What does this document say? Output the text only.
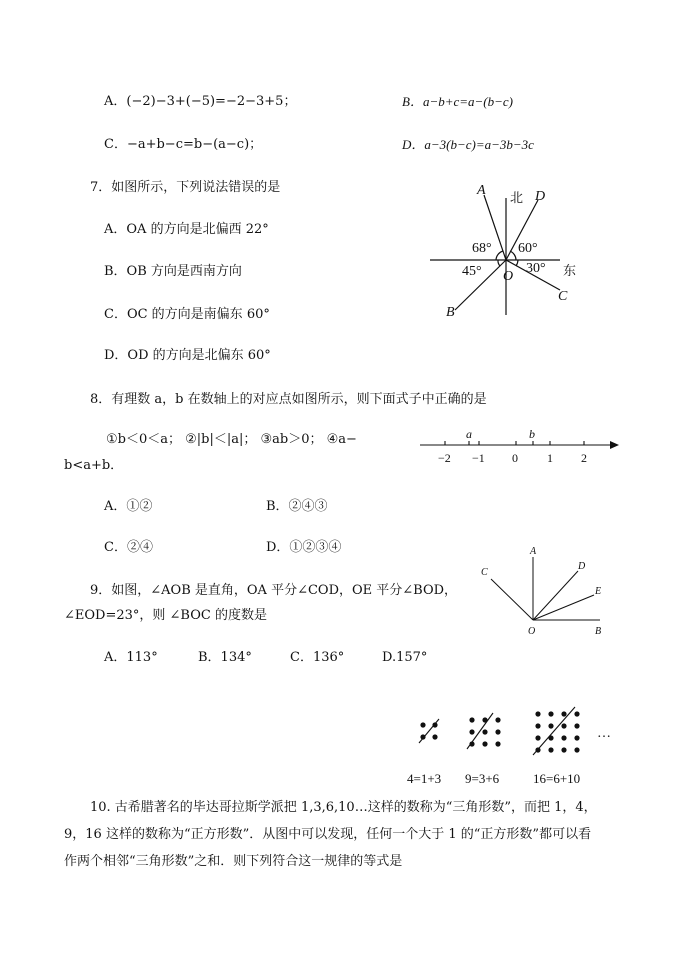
A．(−2)−3+(−5)=−2−3+5；	B．a−b+c=a−(b−c)
C．−a+b−c=b−(a−c)；	D．a−3(b−c)=a−3b−3c
7．如图所示，下列说法错误的是
A．OA 的方向是北偏西 22°
B．OB 方向是西南方向
C．OC 的方向是南偏东 60°
D．OD 的方向是北偏东 60°
A
北 D
68° 60°
45° O
30° 东
C
B
8．有理数 a，b 在数轴上的对应点如图所示，则下面式子中正确的是
①b＜0＜a； ②|b|＜|a|； ③ab＞0； ④a−
b<a+b．
a	b
−2 −1 0 1 2
A．①②	B．②④③
C．②④	D．①②③④
9．如图，∠AOB 是直角，OA 平分∠COD，OE 平分∠BOD，
∠EOD=23°，则 ∠BOC 的度数是
A
C
D
E
O	B
A．113°	B．134°	C．136°	D.157°
…
4=1+3 9=3+6	16=6+10
10. 古希腊著名的毕达哥拉斯学派把 1,3,6,10…这样的数称为“三角形数”，而把 1，4，
9，16 这样的数称为“正方形数”．从图中可以发现，任何一个大于 1 的“正方形数”都可以看
作两个相邻“三角形数”之和．则下列符合这一规律的等式是
